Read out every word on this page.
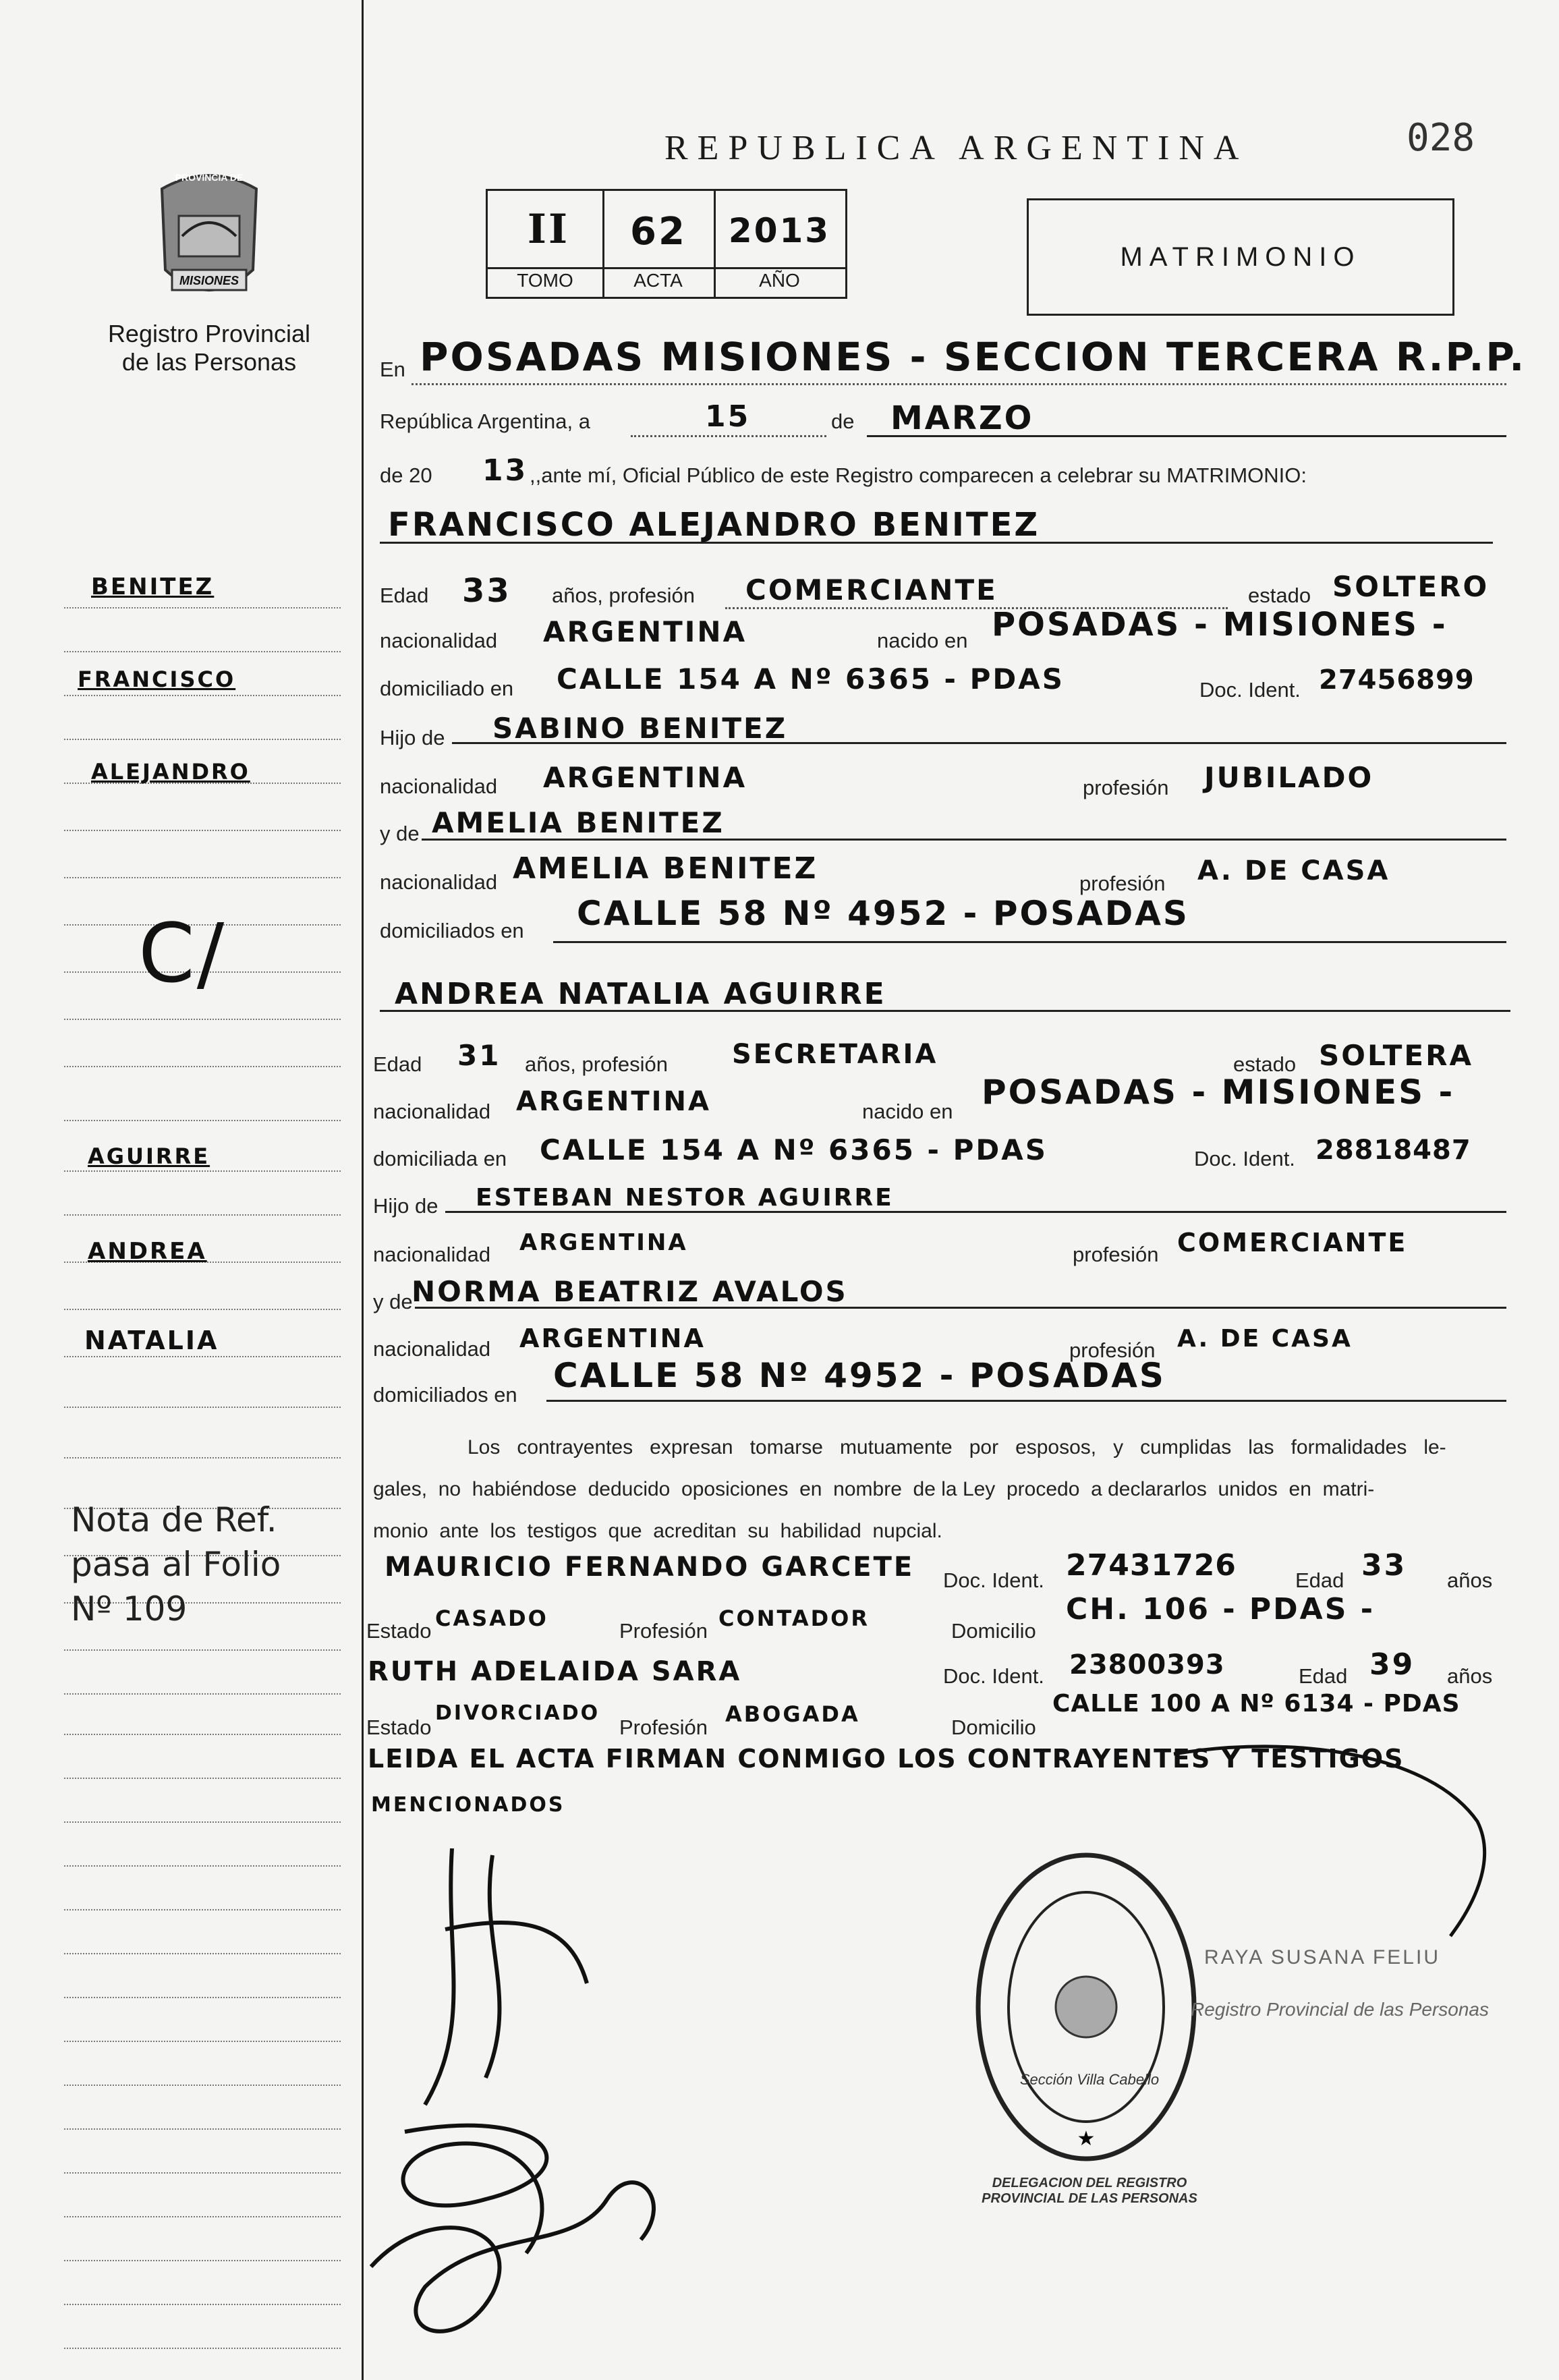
PROVINCIA DE
MISIONES
Registro Provincial
de las Personas
REPUBLICA ARGENTINA	028
II	62	2013
TOMO	ACTA	AÑO
MATRIMONIO
En POSADAS MISIONES - SECCION TERCERA R.P.P.
República Argentina, a	15	de MARZO
de 20 13 ,,ante mí, Oficial Público de este Registro comparecen a celebrar su MATRIMONIO:
FRANCISCO ALEJANDRO BENITEZ
Edad 33 años, profesión COMERCIANTE	estado SOLTERO
nacionalidad ARGENTINA	nacido en POSADAS - MISIONES -
domiciliado en CALLE 154 A Nº 6365 - PDAS	Doc. Ident. 27456899
Hijo de SABINO BENITEZ
nacionalidad ARGENTINA	profesión JUBILADO
y de AMELIA BENITEZ
nacionalidad AMELIA BENITEZ	profesión A. DE CASA
domiciliados en CALLE 58 Nº 4952 - POSADAS
ANDREA NATALIA AGUIRRE
Edad 31 años, profesión SECRETARIA	estado SOLTERA
nacionalidad ARGENTINA	nacido en POSADAS - MISIONES -
domiciliada en CALLE 154 A Nº 6365 - PDAS	Doc. Ident. 28818487
Hijo de ESTEBAN NESTOR AGUIRRE
nacionalidad ARGENTINA	profesión COMERCIANTE
y de
NORMA BEATRIZ AVALOS
nacionalidad ARGENTINA	profesión A. DE CASA
domiciliados en CALLE 58 Nº 4952 - POSADAS
Los   contrayentes   expresan   tomarse   mutuamente   por   esposos,   y   cumplidas   las   formalidades   le-
gales,  no  habiéndose  deducido  oposiciones  en  nombre  de la Ley  procedo  a declararlos  unidos  en  matri-
monio  ante  los  testigos  que  acreditan  su  habilidad  nupcial.
MAURICIO FERNANDO GARCETE Doc. Ident. 27431726	Edad 33 años
Estado CASADO	Profesión CONTADOR	Domicilio
CH. 106 - PDAS -
RUTH ADELAIDA SARA	Doc. Ident. 23800393	Edad 39 años
Estado
DIVORCIADO
Profesión
ABOGADA
Domicilio
CALLE 100 A Nº 6134 - PDAS
LEIDA EL ACTA FIRMAN CONMIGO LOS CONTRAYENTES Y TESTIGOS
MENCIONADOS
★
DELEGACION DEL REGISTRO PROVINCIAL DE LAS PERSONAS
Sección Villa Cabello
RAYA SUSANA FELIU
Registro Provincial de las Personas
BENITEZ
FRANCISCO
ALEJANDRO
C/
AGUIRRE
ANDREA
NATALIA
Nota de Ref.
pasa al Folio
Nº 109
